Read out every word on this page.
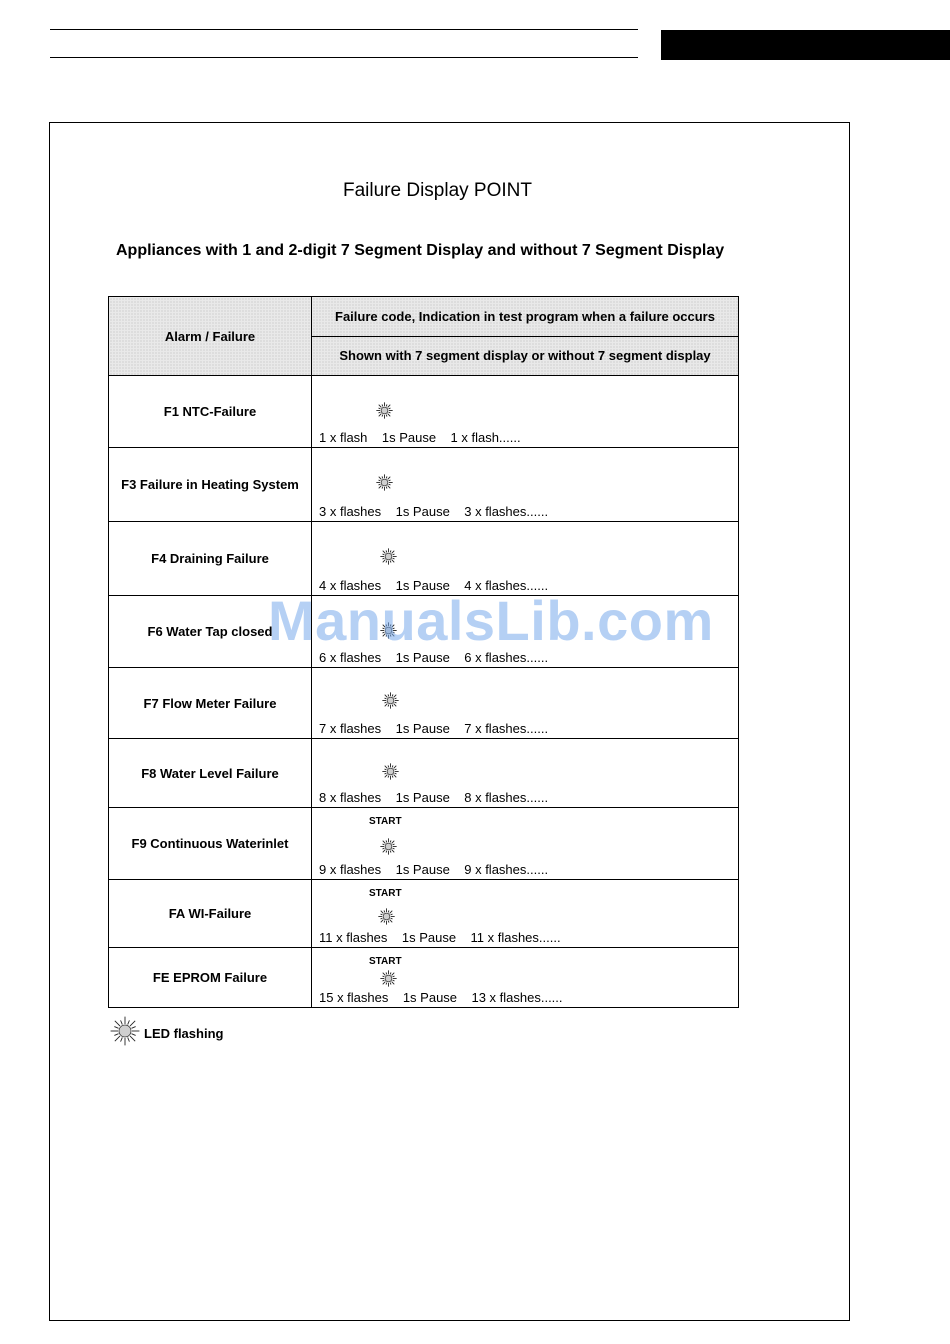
Failure Display POINT
Appliances with 1 and 2-digit 7 Segment Display and without 7 Segment Display
Alarm / Failure	Failure code, Indication in test program when a failure occurs
	Shown with 7 segment display or without 7 segment display
F1 NTC-Failure	1 x flash    1s Pause    1 x flash......

F3 Failure in Heating System	3 x flashes    1s Pause    3 x flashes......

F4 Draining Failure	4 x flashes    1s Pause    4 x flashes......

F6 Water Tap closed	6 x flashes    1s Pause    6 x flashes......

F7 Flow Meter Failure	7 x flashes    1s Pause    7 x flashes......

F8 Water Level Failure	8 x flashes    1s Pause    8 x flashes......

F9 Continuous Waterinlet	START
9 x flashes    1s Pause    9 x flashes......

FA WI-Failure	START
11 x flashes    1s Pause    11 x flashes......

FE EPROM Failure	START
15 x flashes    1s Pause    13 x flashes......
LED flashing
ManualsLib.com
